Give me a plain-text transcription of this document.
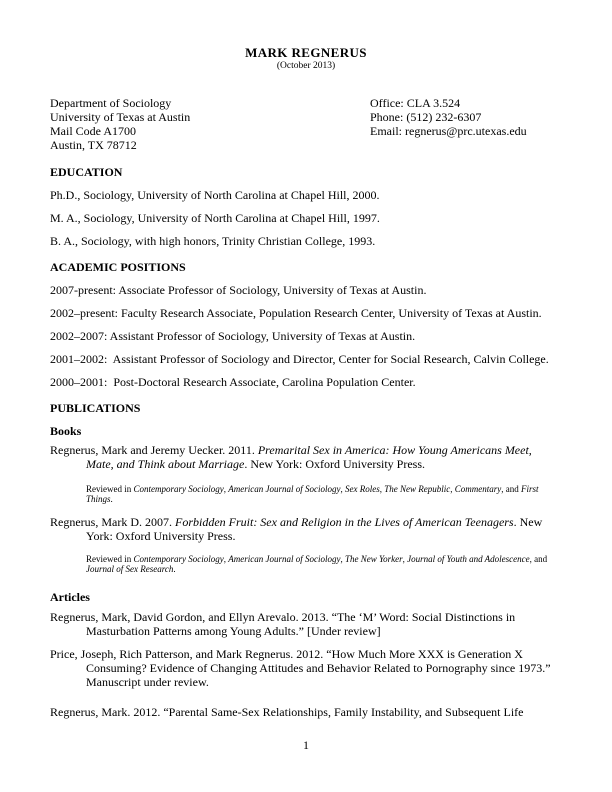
MARK REGNERUS
(October 2013)
Department of Sociology
University of Texas at Austin
Mail Code A1700
Austin, TX 78712
Office: CLA 3.524
Phone: (512) 232-6307
Email: regnerus@prc.utexas.edu
EDUCATION

Ph.D., Sociology, University of North Carolina at Chapel Hill, 2000.

M. A., Sociology, University of North Carolina at Chapel Hill, 1997.

B. A., Sociology, with high honors, Trinity Christian College, 1993.

ACADEMIC POSITIONS

2007-present: Associate Professor of Sociology, University of Texas at Austin.

2002–present: Faculty Research Associate, Population Research Center, University of Texas at Austin.

2002–2007: Assistant Professor of Sociology, University of Texas at Austin.

2001–2002:  Assistant Professor of Sociology and Director, Center for Social Research, Calvin College.

2000–2001:  Post-Doctoral Research Associate, Carolina Population Center.

PUBLICATIONS
Books

Regnerus, Mark and Jeremy Uecker. 2011. Premarital Sex in America: How Young Americans Meet, Mate, and Think about Marriage. New York: Oxford University Press.

Reviewed in Contemporary Sociology, American Journal of Sociology, Sex Roles, The New Republic, Commentary, and First Things.

Regnerus, Mark D. 2007. Forbidden Fruit: Sex and Religion in the Lives of American Teenagers. New York: Oxford University Press.

Reviewed in Contemporary Sociology, American Journal of Sociology, The New Yorker, Journal of Youth and Adolescence, and Journal of Sex Research.

Articles

Regnerus, Mark, David Gordon, and Ellyn Arevalo. 2013. “The ‘M’ Word: Social Distinctions in Masturbation Patterns among Young Adults.” [Under review]

Price, Joseph, Rich Patterson, and Mark Regnerus. 2012. “How Much More XXX is Generation X Consuming? Evidence of Changing Attitudes and Behavior Related to Pornography since 1973.” Manuscript under review.

Regnerus, Mark. 2012. “Parental Same-Sex Relationships, Family Instability, and Subsequent Life

1
